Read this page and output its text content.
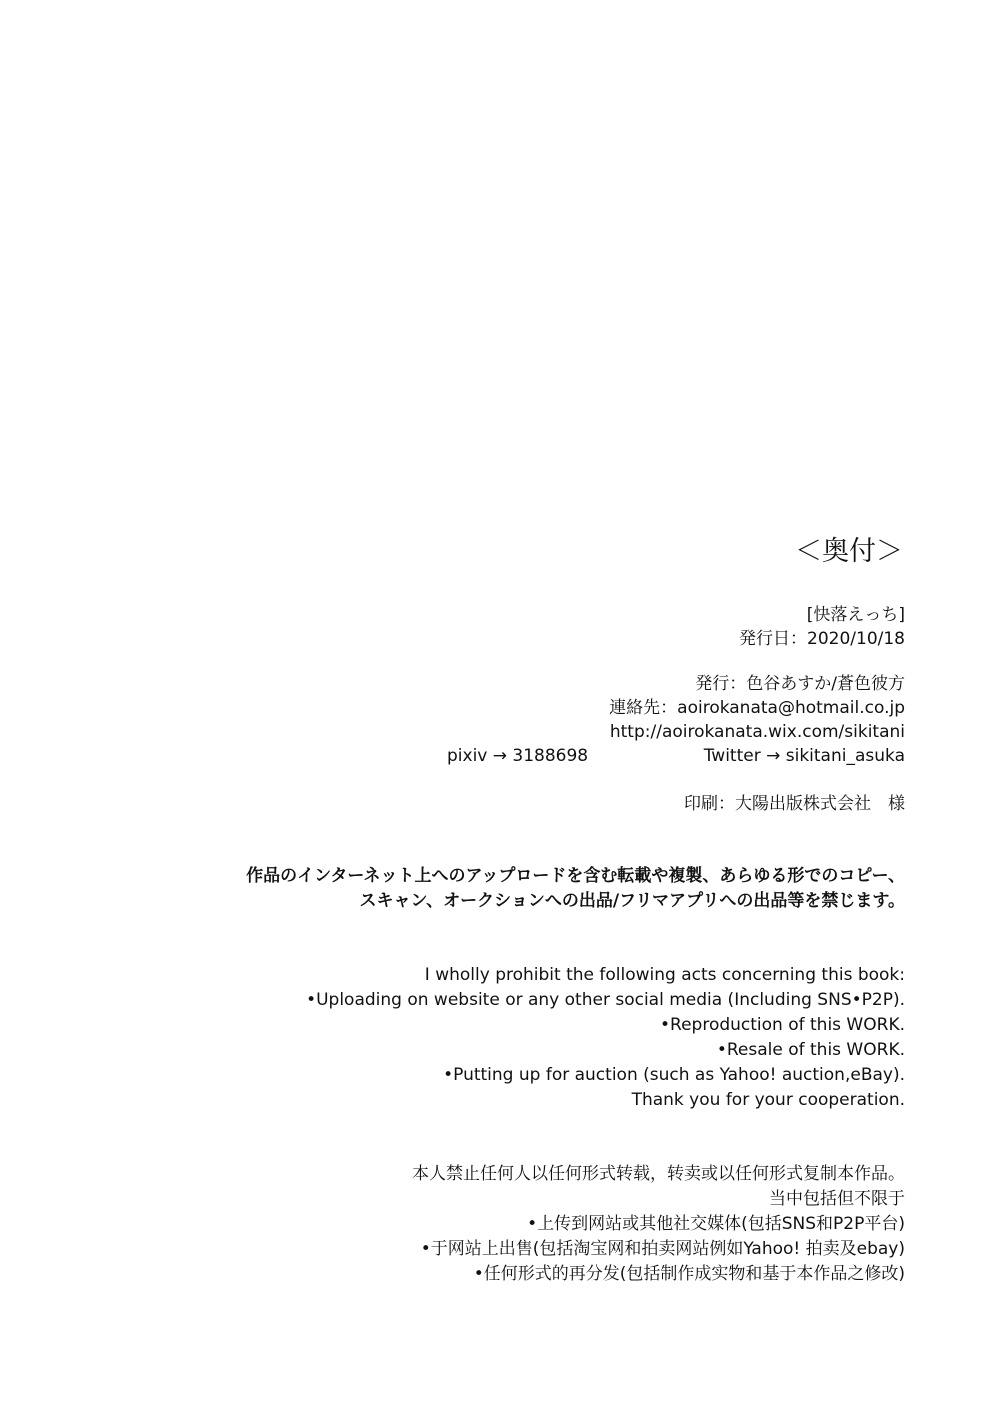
＜奥付＞
[快落えっち]
発行日：2020/10/18
発行：色谷あすか/蒼色彼方
連絡先：aoirokanata@hotmail.co.jp
http://aoirokanata.wix.com/sikitani
pixiv → 3188698	Twitter → sikitani_asuka
印刷：大陽出版株式会社　様
作品のインターネット上へのアップロードを含む転載や複製、あらゆる形でのコピー、
スキャン、オークションへの出品/フリマアプリへの出品等を禁じます。
I wholly prohibit the following acts concerning this book:
•Uploading on website or any other social media (Including SNS•P2P).
•Reproduction of this WORK.
•Resale of this WORK.
•Putting up for auction (such as Yahoo! auction,eBay).
Thank you for your cooperation.
本人禁止任何人以任何形式转载，转卖或以任何形式复制本作品。
当中包括但不限于
•上传到网站或其他社交媒体(包括SNS和P2P平台)
•于网站上出售(包括淘宝网和拍卖网站例如Yahoo! 拍卖及ebay)
•任何形式的再分发(包括制作成实物和基于本作品之修改)
